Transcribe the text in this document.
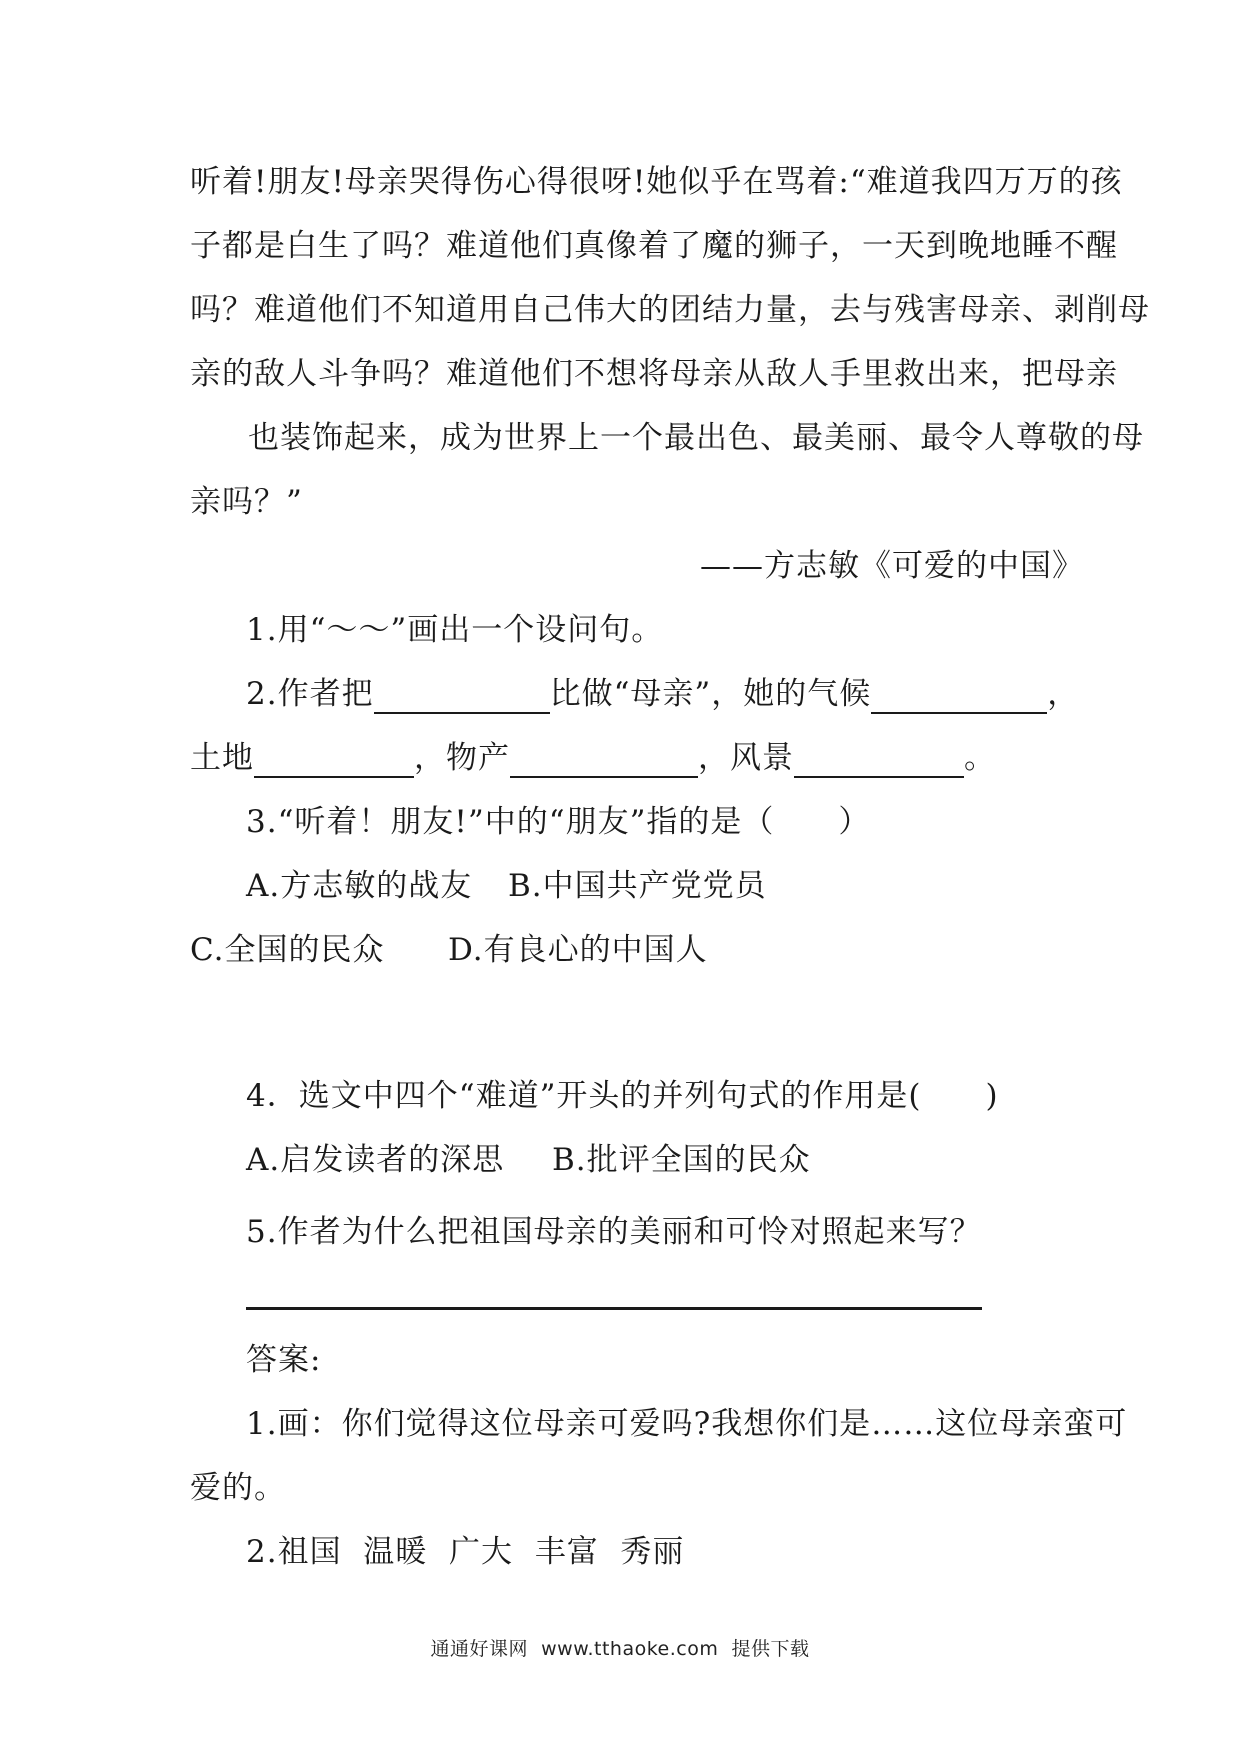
听着!朋友!母亲哭得伤心得很呀!她似乎在骂着:“难道我四万万的孩
子都是白生了吗？难道他们真像着了魔的狮子，一天到晚地睡不醒
吗？难道他们不知道用自己伟大的团结力量，去与残害母亲、剥削母
亲的敌人斗争吗？难道他们不想将母亲从敌人手里救出来，把母亲
也装饰起来，成为世界上一个最出色、最美丽、最令人尊敬的母
亲吗？”
——方志敏《可爱的中国》
1.用“～～”画出一个设问句。
2.作者把	比做“母亲”，她的气候	，
土地	，物产	，风景	。
3.“听着！朋友!”中的“朋友”指的是（　　）
A.方志敏的战友 B.中国共产党党员
C.全国的民众 D.有良心的中国人
4．选文中四个“难道”开头的并列句式的作用是(　　)
A.启发读者的深思 B.批评全国的民众
5.作者为什么把祖国母亲的美丽和可怜对照起来写？
答案:
1.画：你们觉得这位母亲可爱吗?我想你们是……这位母亲蛮可
爱的。
2.祖国  温暖  广大  丰富  秀丽
通通好课网  www.tthaoke.com  提供下载
